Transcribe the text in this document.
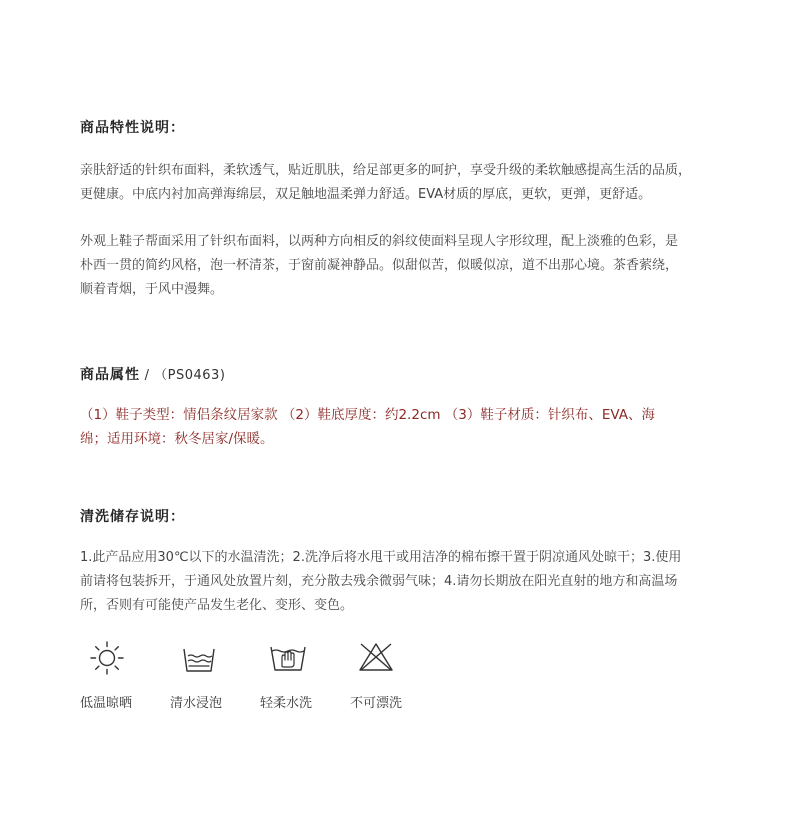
商品特性说明：

亲肤舒适的针织布面料，柔软透气，贴近肌肤，给足部更多的呵护，享受升级的柔软触感提高生活的品质，

更健康。中底内衬加高弹海绵层，双足触地温柔弹力舒适。EVA材质的厚底，更软，更弹，更舒适。

外观上鞋子帮面采用了针织布面料，以两种方向相反的斜纹使面料呈现人字形纹理，配上淡雅的色彩，是

朴西一贯的简约风格，泡一杯清茶，于窗前凝神静品。似甜似苦，似暖似凉，道不出那心境。茶香萦绕，

顺着青烟，于风中漫舞。

商品属性 / （PS0463)
（1）鞋子类型：情侣条纹居家款 （2）鞋底厚度：约2.2cm （3）鞋子材质：针织布、EVA、海
绵；适用环境：秋冬居家/保暖。
清洗储存说明：

1.此产品应用30℃以下的水温清洗；2.洗净后将水甩干或用洁净的棉布擦干置于阴凉通风处晾干；3.使用

前请将包装拆开，于通风处放置片刻，充分散去残余微弱气味；4.请勿长期放在阳光直射的地方和高温场

所，否则有可能使产品发生老化、变形、变色。

低温晾晒	清水浸泡	轻柔水洗	不可漂洗
